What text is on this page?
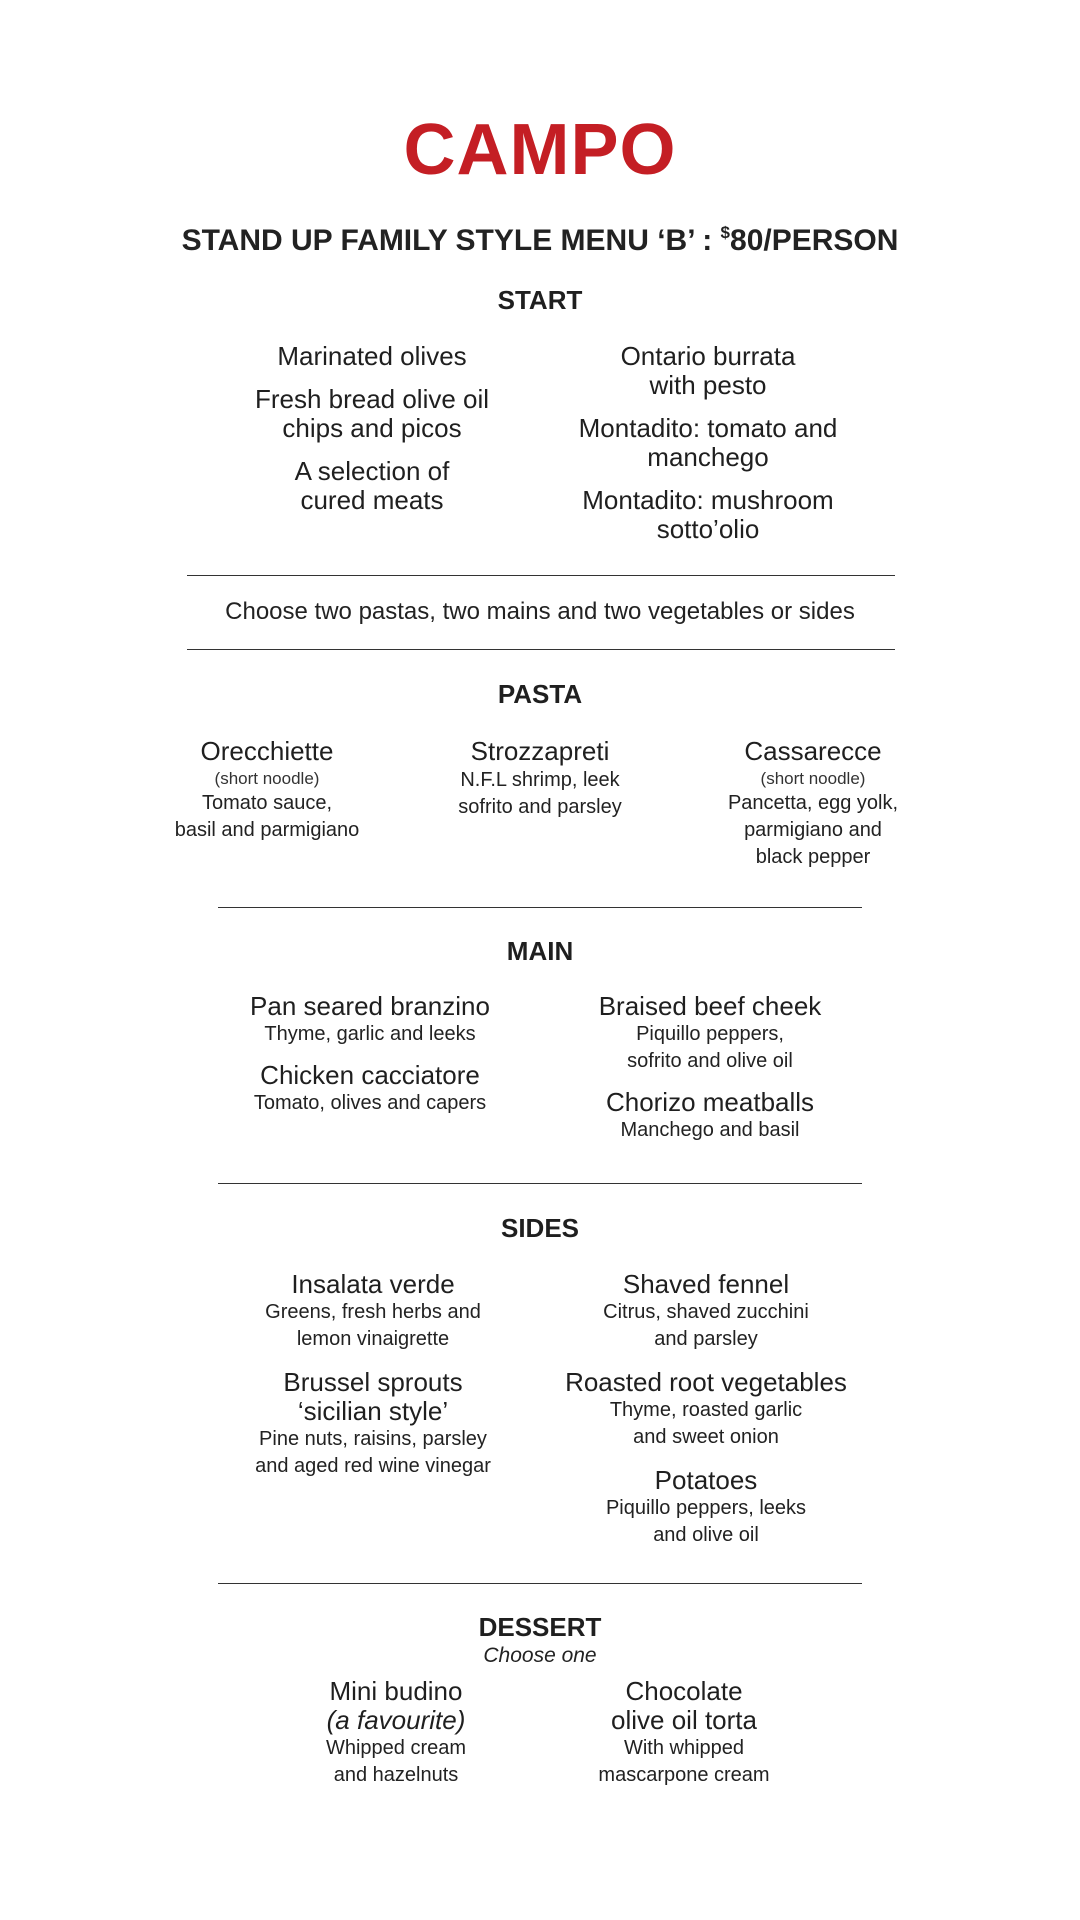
CAMPO
STAND UP FAMILY STYLE MENU ‘B’ : $80/PERSON
START
Marinated olives
Fresh bread olive oil
chips and picos
A selection of
cured meats
Ontario burrata
with pesto
Montadito: tomato and
manchego
Montadito: mushroom
sotto’olio
Choose two pastas, two mains and two vegetables or sides
PASTA
Orecchiette
(short noodle)
Tomato sauce,
basil and parmigiano
Strozzapreti
N.F.L shrimp, leek
sofrito and parsley
Cassarecce
(short noodle)
Pancetta, egg yolk,
parmigiano and
black pepper
MAIN
Pan seared branzino
Thyme, garlic and leeks
Chicken cacciatore
Tomato, olives and capers
Braised beef cheek
Piquillo peppers,
sofrito and olive oil
Chorizo meatballs
Manchego and basil
SIDES
Insalata verde
Greens, fresh herbs and
lemon vinaigrette
Brussel sprouts
‘sicilian style’
Pine nuts, raisins, parsley
and aged red wine vinegar
Shaved fennel
Citrus, shaved zucchini
and parsley
Roasted root vegetables
Thyme, roasted garlic
and sweet onion
Potatoes
Piquillo peppers, leeks
and olive oil
DESSERT
Choose one
Mini budino
(a favourite)
Whipped cream
and hazelnuts
Chocolate
olive oil torta
With whipped
mascarpone cream
